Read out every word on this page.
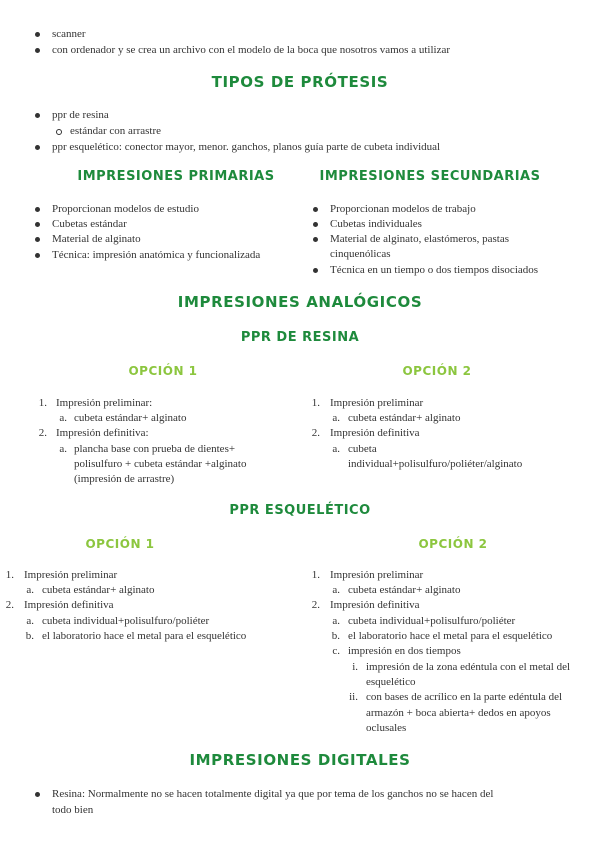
scanner
con ordenador y se crea un archivo con el modelo de la boca que nosotros vamos a utilizar
TIPOS DE PRÓTESIS
ppr de resina
estándar con arrastre
ppr esquelético: conector mayor, menor. ganchos, planos guía parte de cubeta individual
IMPRESIONES PRIMARIAS	IMPRESIONES SECUNDARIAS
Proporcionan modelos de estudio
Cubetas estándar
Material de alginato
Técnica: impresión anatómica y funcionalizada
Proporcionan modelos de trabajo
Cubetas individuales
Material de alginato, elastómeros, pastas
cinquenólicas
Técnica en un tiempo o dos tiempos disociados
IMPRESIONES ANALÓGICOS
PPR DE RESINA
OPCIÓN 1	OPCIÓN 2
1. Impresión preliminar:
a. cubeta estándar+ alginato
2. Impresión definitiva:
a. plancha base con prueba de dientes+
polisulfuro + cubeta estándar +alginato
(impresión de arrastre)
1. Impresión preliminar
a. cubeta estándar+ alginato
2. Impresión definitiva
a. cubeta
individual+polisulfuro/poliéter/alginato
PPR ESQUELÉTICO
OPCIÓN 1	OPCIÓN 2
1. Impresión preliminar
a. cubeta estándar+ alginato
2. Impresión definitiva
a. cubeta individual+polisulfuro/poliéter
b. el laboratorio hace el metal para el esquelético
1. Impresión preliminar
a. cubeta estándar+ alginato
2. Impresión definitiva
a. cubeta individual+polisulfuro/poliéter
b. el laboratorio hace el metal para el esquelético
c. impresión en dos tiempos
i. impresión de la zona edéntula con el metal del
esquelético
ii. con bases de acrílico en la parte edéntula del
armazón + boca abierta+ dedos en apoyos
oclusales
IMPRESIONES DIGITALES
Resina: Normalmente no se hacen totalmente digital ya que por tema de los ganchos no se hacen del
todo bien
